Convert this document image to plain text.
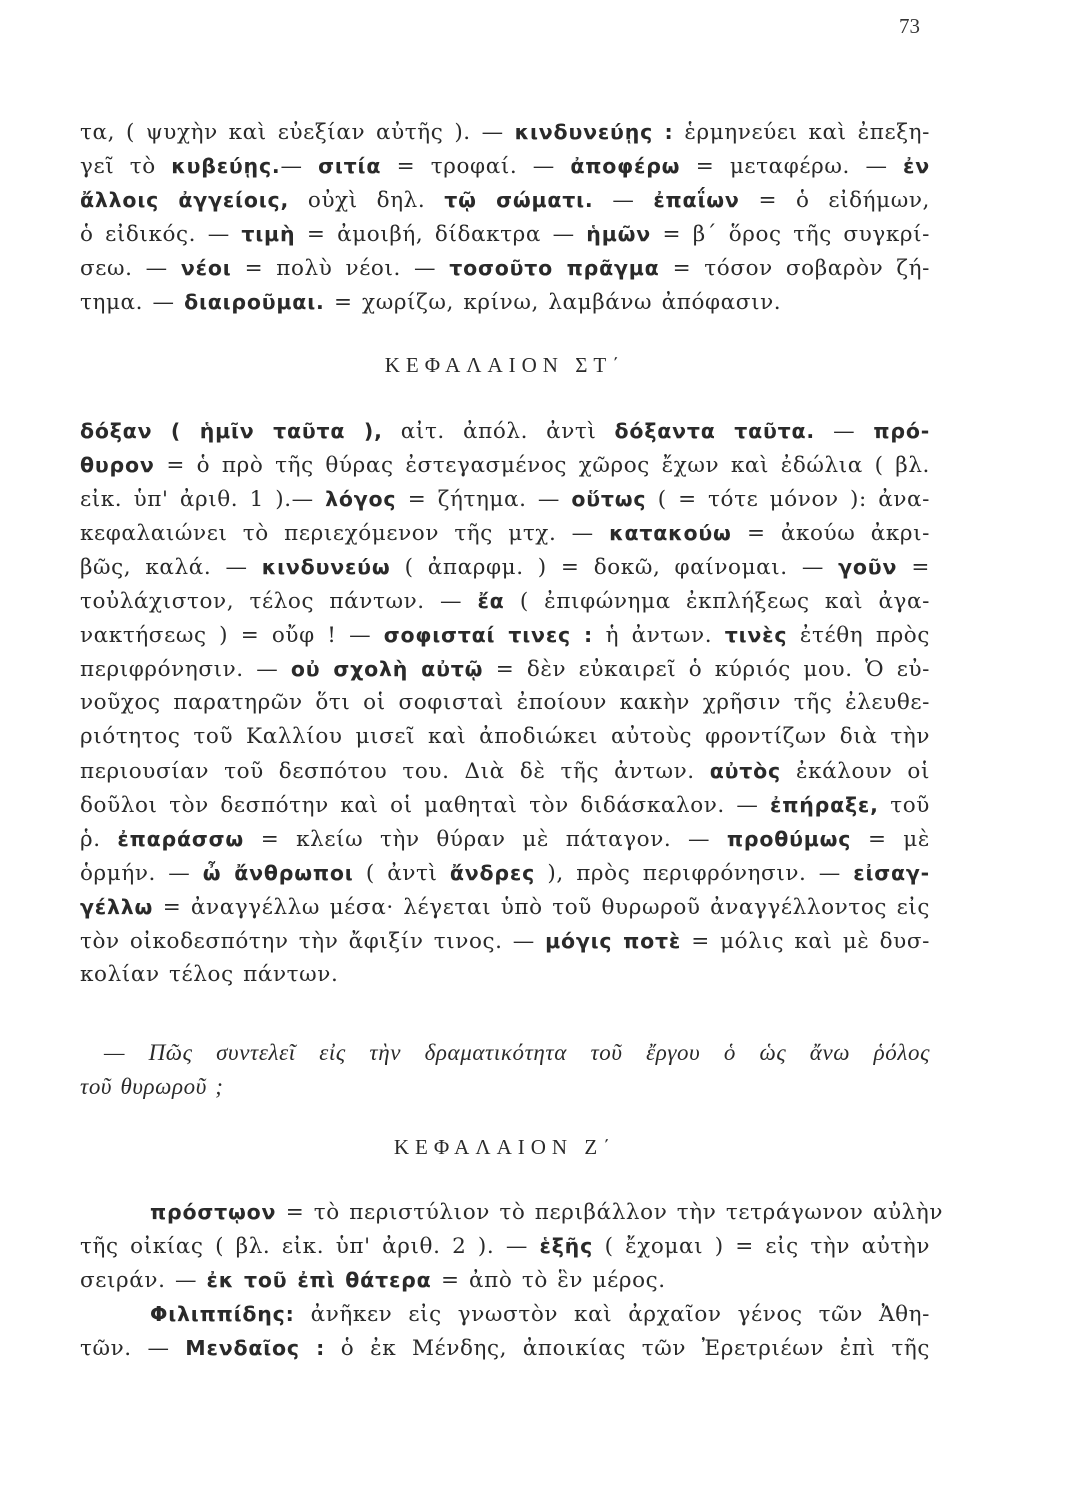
73
τα, ( ψυχὴν καὶ εὐεξίαν αὐτῆς ). — κινδυνεύῃς : ἑρμηνεύει καὶ ἐπεξη-
γεῖ τὸ κυβεύῃς.— σιτία = τροφαί. — ἀποφέρω = μεταφέρω. — ἐν
ἄλλοις ἀγγείοις, οὐχὶ δηλ. τῷ σώματι. — ἐπαΐων = ὁ εἰδήμων,
ὁ εἰδικός. — τιμὴ = ἀμοιβή, δίδακτρα — ἡμῶν = β΄ ὅρος τῆς συγκρί-
σεω. — νέοι = πολὺ νέοι. — τοσοῦτο πρᾶγμα = τόσον σοβαρὸν ζή-
τημα. — διαιροῦμαι. = χωρίζω, κρίνω, λαμβάνω ἀπόφασιν.
ΚΕΦΑΛΑΙΟΝ ΣΤ΄
δόξαν ( ἡμῖν ταῦτα ), αἰτ. ἀπόλ. ἀντὶ δόξαντα ταῦτα. — πρό-
θυρον = ὁ πρὸ τῆς θύρας ἐστεγασμένος χῶρος ἔχων καὶ ἐδώλια ( βλ.
εἰκ. ὑπ' ἀριθ. 1 ).— λόγος = ζήτημα. — οὕτως ( = τότε μόνον ): ἀνα-
κεφαλαιώνει τὸ περιεχόμενον τῆς μτχ. — κατακούω = ἀκούω ἀκρι-
βῶς, καλά. — κινδυνεύω ( ἀπαρφμ. ) = δοκῶ, φαίνομαι. — γοῦν =
τοὐλάχιστον, τέλος πάντων. — ἔα ( ἐπιφώνημα ἐκπλήξεως καὶ ἀγα-
νακτήσεως ) = οὔφ ! — σοφισταί τινες : ἡ ἀντων. τινὲς ἐτέθη πρὸς
περιφρόνησιν. — οὐ σχολὴ αὐτῷ = δὲν εὐκαιρεῖ ὁ κύριός μου. Ὁ εὐ-
νοῦχος παρατηρῶν ὅτι οἱ σοφισταὶ ἐποίουν κακὴν χρῆσιν τῆς ἐλευθε-
ριότητος τοῦ Καλλίου μισεῖ καὶ ἀποδιώκει αὐτοὺς φροντίζων διὰ τὴν
περιουσίαν τοῦ δεσπότου του. Διὰ δὲ τῆς ἀντων. αὐτὸς ἐκάλουν οἱ
δοῦλοι τὸν δεσπότην καὶ οἱ μαθηταὶ τὸν διδάσκαλον. — ἐπήραξε, τοῦ
ῥ. ἐπαράσσω = κλείω τὴν θύραν μὲ πάταγον. — προθύμως = μὲ
ὁρμήν. — ὦ ἄνθρωποι ( ἀντὶ ἄνδρες ), πρὸς περιφρόνησιν. — εἰσαγ-
γέλλω = ἀναγγέλλω μέσα· λέγεται ὑπὸ τοῦ θυρωροῦ ἀναγγέλλοντος εἰς
τὸν οἰκοδεσπότην τὴν ἄφιξίν τινος. — μόγις ποτὲ = μόλις καὶ μὲ δυσ-
κολίαν τέλος πάντων.
— Πῶς συντελεῖ εἰς τὴν δραματικότητα τοῦ ἔργου ὁ ὡς ἄνω ῥόλος
τοῦ θυρωροῦ ;
ΚΕΦΑΛΑΙΟΝ Ζ΄
πρόστῳον = τὸ περιστύλιον τὸ περιβάλλον τὴν τετράγωνον αὐλὴν
τῆς οἰκίας ( βλ. εἰκ. ὑπ' ἀριθ. 2 ). — ἑξῆς ( ἔχομαι ) = εἰς τὴν αὐτὴν
σειράν. — ἐκ τοῦ ἐπὶ θάτερα = ἀπὸ τὸ ἓν μέρος.
Φιλιππίδης: ἀνῆκεν εἰς γνωστὸν καὶ ἀρχαῖον γένος τῶν Ἀθη-
τῶν. — Μενδαῖος : ὁ ἐκ Μένδης, ἀποικίας τῶν Ἐρετριέων ἐπὶ τῆς
